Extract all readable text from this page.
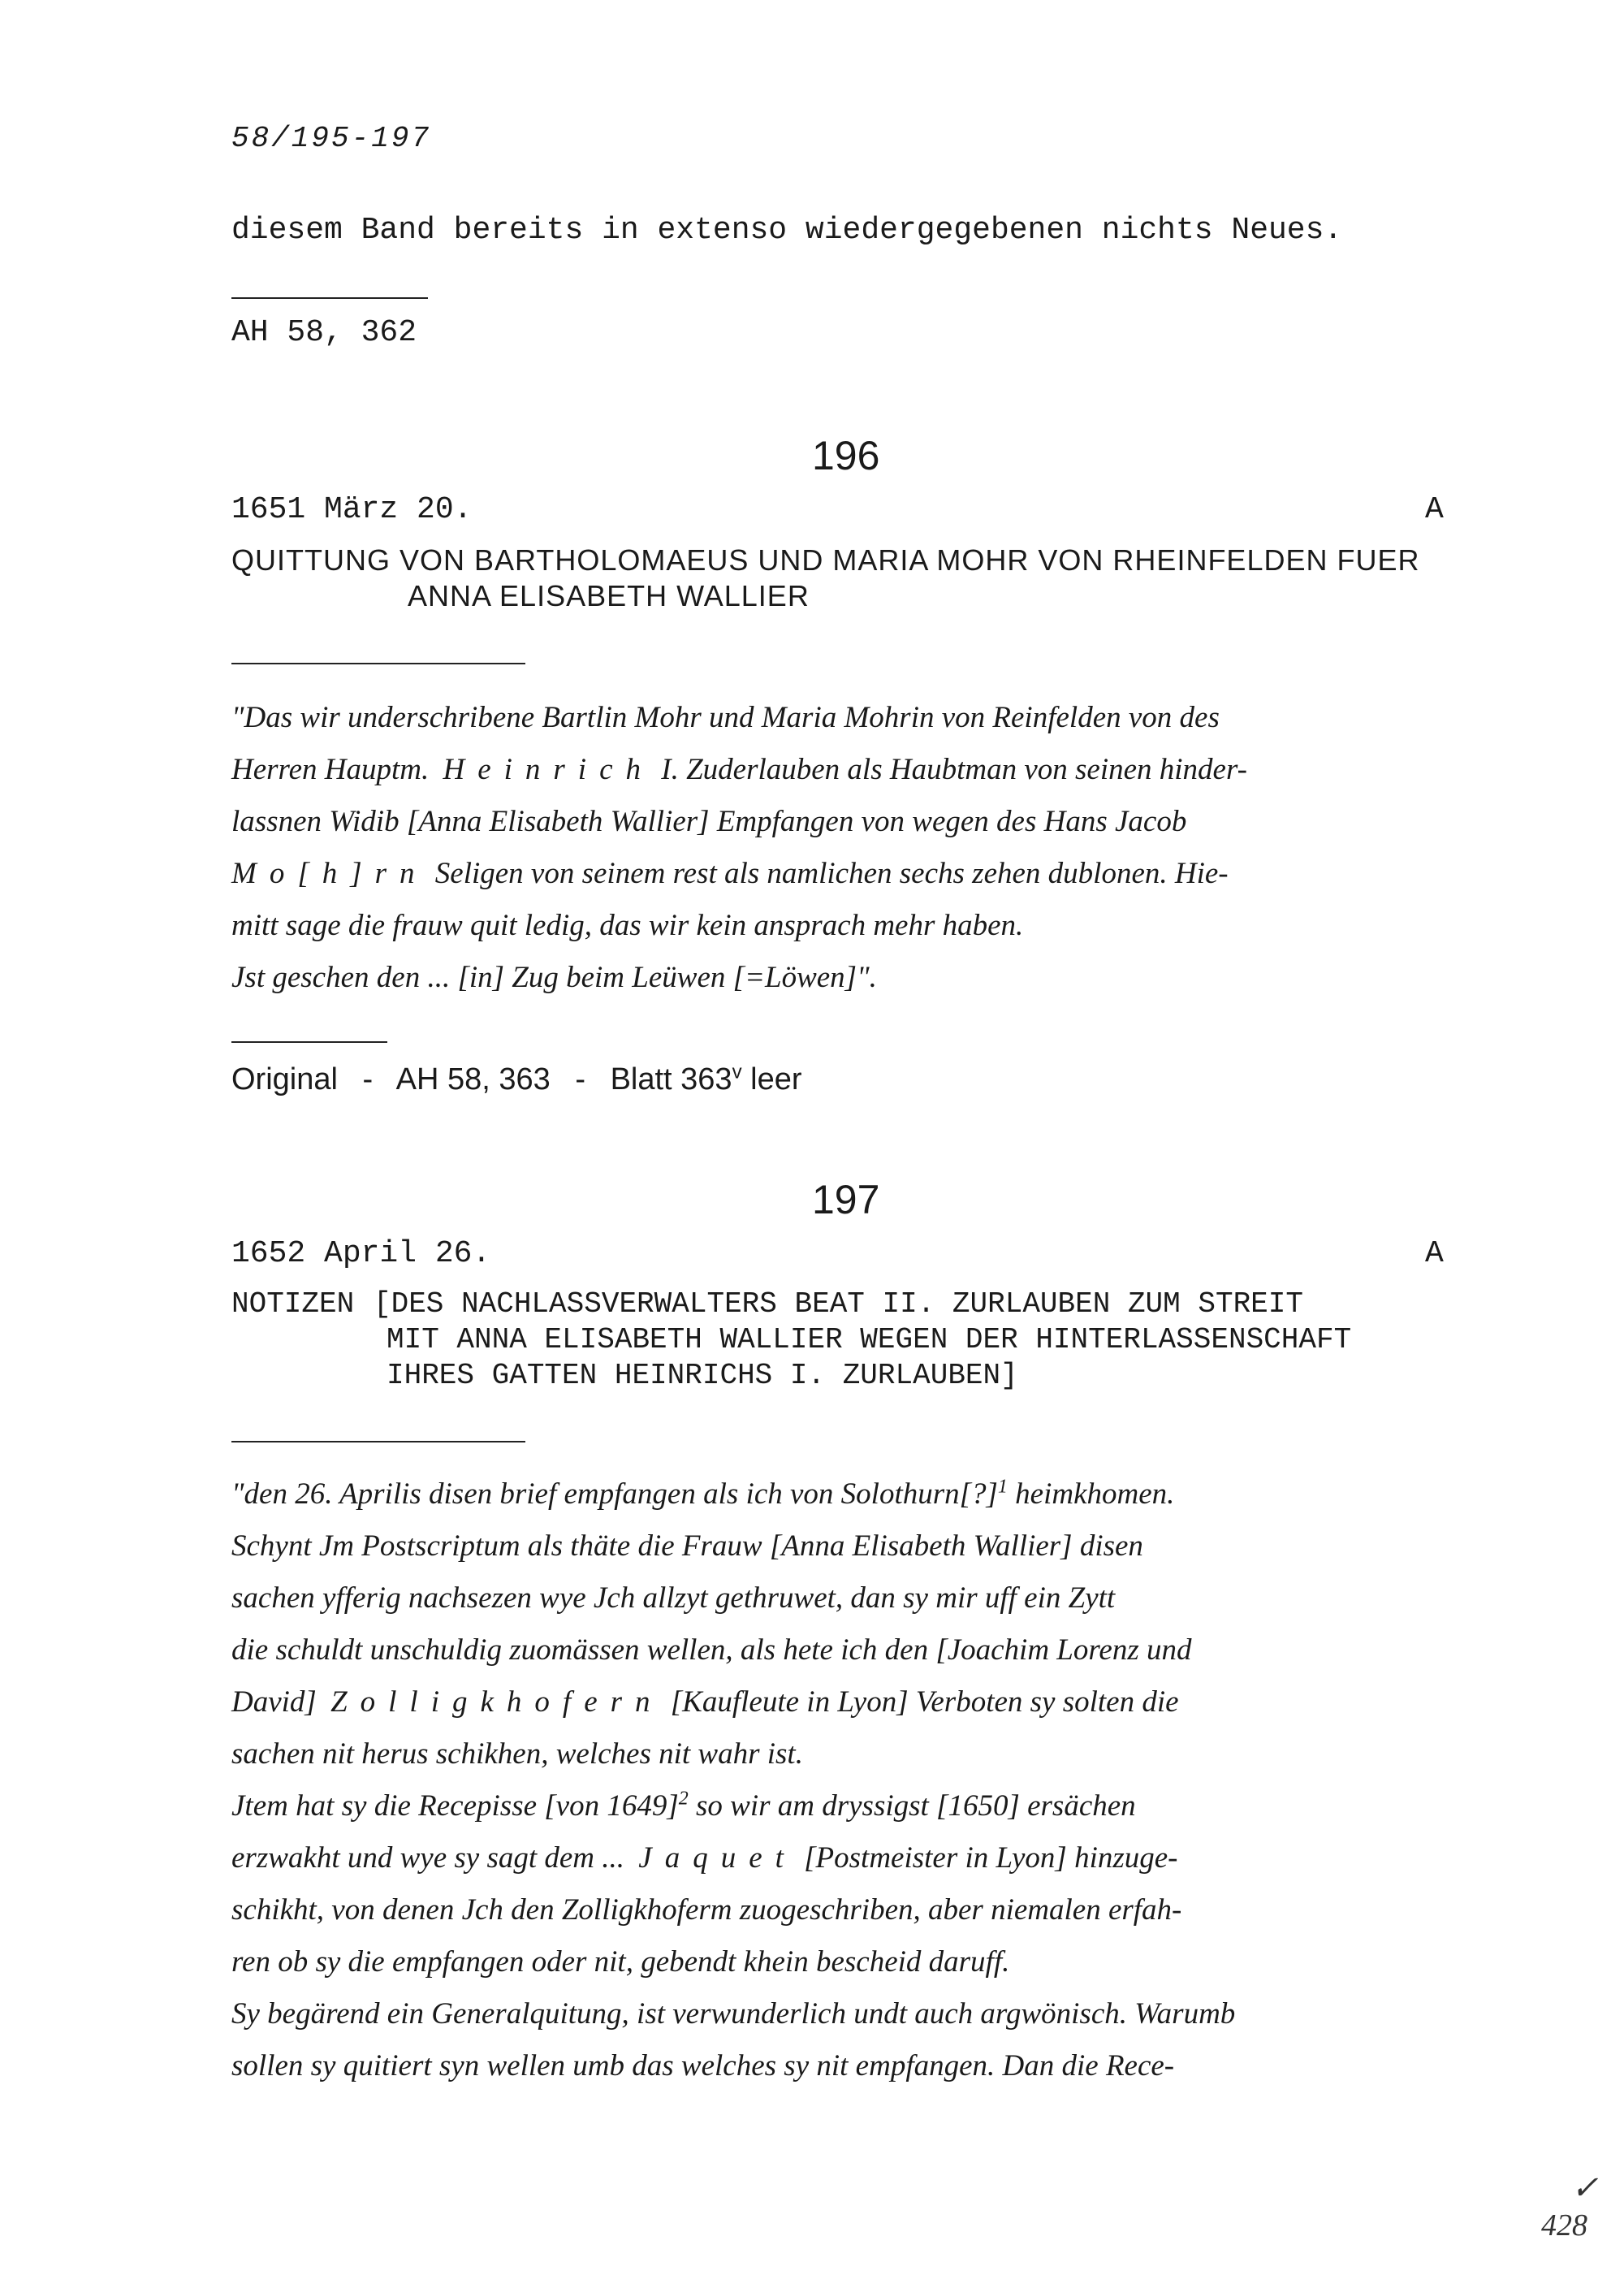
58/195-197
diesem Band bereits in extenso wiedergegebenen nichts Neues.
AH 58, 362
196
1651 März 20.	A
QUITTUNG VON BARTHOLOMAEUS UND MARIA MOHR VON RHEINFELDEN FUER
ANNA ELISABETH WALLIER
"Das wir underschribene Bartlin Mohr und Maria Mohrin von Reinfelden von des
Herren Hauptm. Heinrich I. Zuderlauben als Haubtman von seinen hinder-
lassnen Widib [Anna Elisabeth Wallier] Empfangen von wegen des Hans Jacob
Mo[h]rn Seligen von seinem rest als namlichen sechs zehen dublonen. Hie-
mitt sage die frauw quit ledig, das wir kein ansprach mehr haben.
Jst geschen den ... [in] Zug beim Leüwen [=Löwen]".
Original - AH 58, 363 - Blatt 363$^v$ leer
197
1652 April 26.	A
NOTIZEN [DES NACHLASSVERWALTERS BEAT II. ZURLAUBEN ZUM STREIT
MIT ANNA ELISABETH WALLIER WEGEN DER HINTERLASSENSCHAFT
IHRES GATTEN HEINRICHS I. ZURLAUBEN]
"den 26. Aprilis disen brief empfangen als ich von Solothurn[?]$^1$ heimkhomen.
Schynt Jm Postscriptum als thäte die Frauw [Anna Elisabeth Wallier] disen
sachen yfferig nachsezen wye Jch allzyt gethruwet, dan sy mir uff ein Zytt
die schuldt unschuldig zuomässen wellen, als hete ich den [Joachim Lorenz und
David] Zolligkhofern [Kaufleute in Lyon] Verboten sy solten die
sachen nit herus schikhen, welches nit wahr ist.
Jtem hat sy die Recepisse [von 1649]$^2$ so wir am dryssigst [1650] ersächen
erzwakht und wye sy sagt dem ... Jaquet [Postmeister in Lyon] hinzuge-
schikht, von denen Jch den Zolligkhoferm zuogeschriben, aber niemalen erfah-
ren ob sy die empfangen oder nit, gebendt khein bescheid daruff.
Sy begärend ein Generalquitung, ist verwunderlich undt auch argwönisch. Warumb
sollen sy quitiert syn wellen umb das welches sy nit empfangen. Dan die Rece-
✓
428
